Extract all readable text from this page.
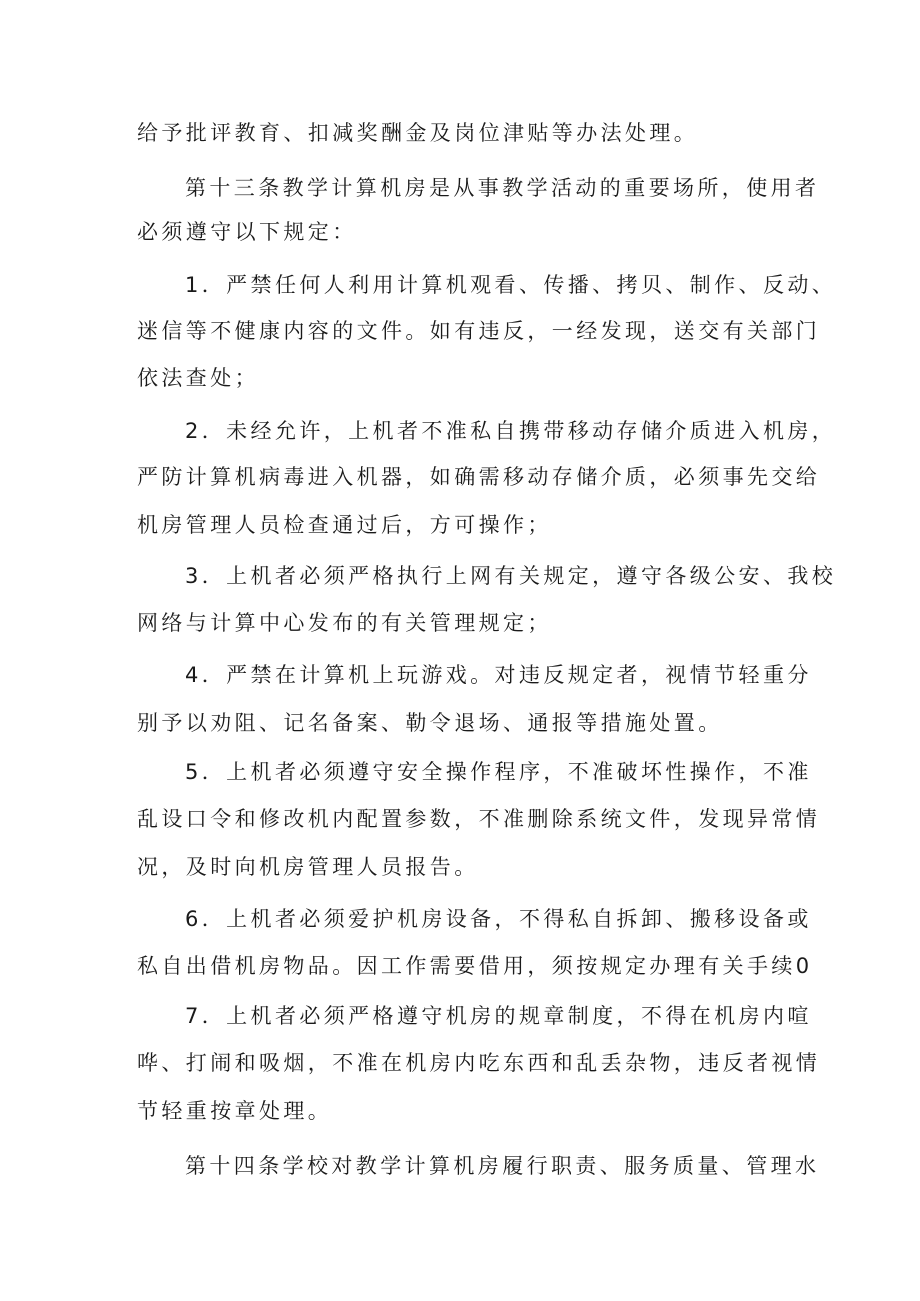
给予批评教育、扣减奖酬金及岗位津贴等办法处理。
第十三条教学计算机房是从事教学活动的重要场所，使用者
必须遵守以下规定：
1．严禁任何人利用计算机观看、传播、拷贝、制作、反动、
迷信等不健康内容的文件。如有违反，一经发现，送交有关部门
依法查处；
2．未经允许，上机者不准私自携带移动存储介质进入机房，
严防计算机病毒进入机器，如确需移动存储介质，必须事先交给
机房管理人员检查通过后，方可操作；
3．上机者必须严格执行上网有关规定，遵守各级公安、我校
网络与计算中心发布的有关管理规定；
4．严禁在计算机上玩游戏。对违反规定者，视情节轻重分
别予以劝阻、记名备案、勒令退场、通报等措施处置。
5．上机者必须遵守安全操作程序，不准破坏性操作，不准
乱设口令和修改机内配置参数，不准删除系统文件，发现异常情
况，及时向机房管理人员报告。
6．上机者必须爱护机房设备，不得私自拆卸、搬移设备或
私自出借机房物品。因工作需要借用，须按规定办理有关手续0
7．上机者必须严格遵守机房的规章制度，不得在机房内喧
哗、打闹和吸烟，不准在机房内吃东西和乱丢杂物，违反者视情
节轻重按章处理。
第十四条学校对教学计算机房履行职责、服务质量、管理水
